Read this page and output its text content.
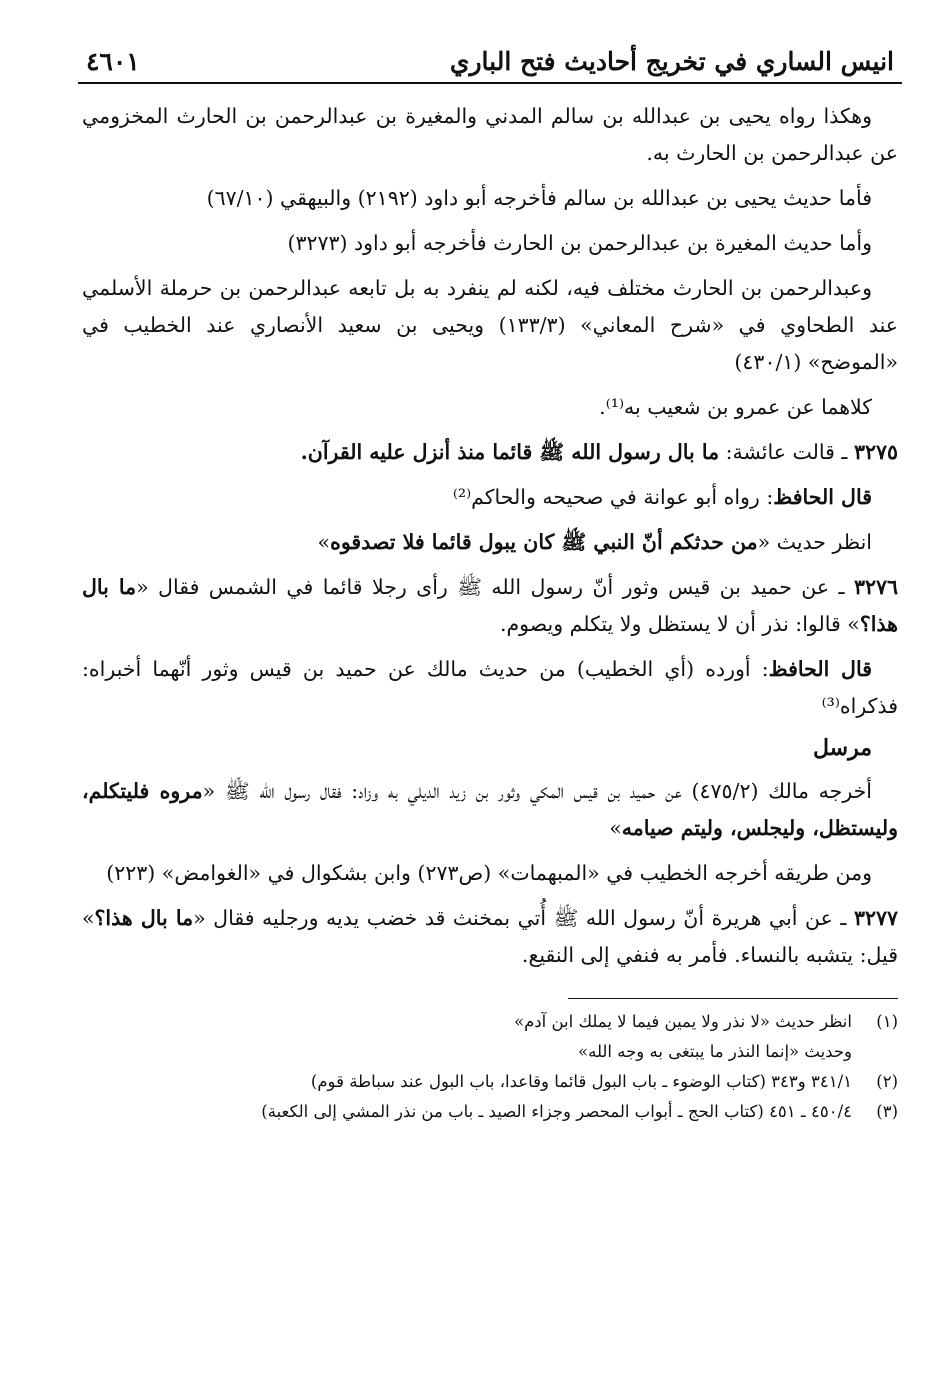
انيس الساري في تخريج أحاديث فتح الباري
٤٦٠١

وهكذا رواه يحيى بن عبدالله بن سالم المدني والمغيرة بن عبدالرحمن بن الحارث المخزومي عن عبدالرحمن بن الحارث به.

فأما حديث يحيى بن عبدالله بن سالم فأخرجه أبو داود (٢١٩٢) والبيهقي (٦٧/١٠)

وأما حديث المغيرة بن عبدالرحمن بن الحارث فأخرجه أبو داود (٣٢٧٣)

وعبدالرحمن بن الحارث مختلف فيه، لكنه لم ينفرد به بل تابعه عبدالرحمن بن حرملة الأسلمي عند الطحاوي في «شرح المعاني» (١٣٣/٣) ويحيى بن سعيد الأنصاري عند الخطيب في «الموضح» (٤٣٠/١)

كلاهما عن عمرو بن شعيب به⁽¹⁾.

٣٢٧٥ ـ قالت عائشة: ما بال رسول الله ﷺ قائما منذ أنزل عليه القرآن.

قال الحافظ: رواه أبو عوانة في صحيحه والحاكم⁽²⁾

انظر حديث «من حدثكم أنّ النبي ﷺ كان يبول قائما فلا تصدقوه»

٣٢٧٦ ـ عن حميد بن قيس وثور أنّ رسول الله ﷺ رأى رجلا قائما في الشمس فقال «ما بال هذا؟» قالوا: نذر أن لا يستظل ولا يتكلم ويصوم.

قال الحافظ: أورده (أي الخطيب) من حديث مالك عن حميد بن قيس وثور أنّهما أخبراه: فذكراه⁽³⁾

مرسل

أخرجه مالك (٤٧٥/٢) عن حميد بن قيس المكي وثور بن زيد الديلي به وزاد: فقال رسول الله ﷺ «مروه فليتكلم، وليستظل، وليجلس، وليتم صيامه»

ومن طريقه أخرجه الخطيب في «المبهمات» (ص٢٧٣) وابن بشكوال في «الغوامض» (٢٢٣)

٣٢٧٧ ـ عن أبي هريرة أنّ رسول الله ﷺ أُتي بمخنث قد خضب يديه ورجليه فقال «ما بال هذا؟» قيل: يتشبه بالنساء. فأمر به فنفي إلى النقيع.

(١)
انظر حديث «لا نذر ولا يمين فيما لا يملك ابن آدم»
وحديث «إنما النذر ما يبتغى به وجه الله»
(٢)
٣٤١/١ و٣٤٣ (كتاب الوضوء ـ باب البول قائما وقاعدا، باب البول عند سباطة قوم)
(٣)
٤٥٠/٤ ـ ٤٥١ (كتاب الحج ـ أبواب المحصر وجزاء الصيد ـ باب من نذر المشي إلى الكعبة)
